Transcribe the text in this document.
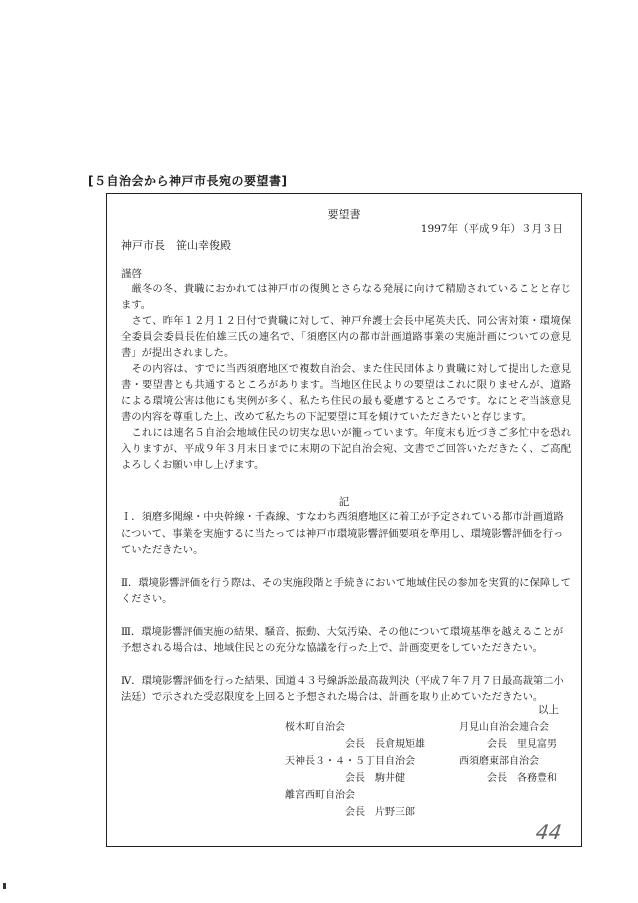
[５自治会から神戸市長宛の要望書]
要望書
1997年（平成９年）３月３日
神戸市長　笹山幸俊殿
謹啓
　厳冬の冬、貴職におかれては神戸市の復興とさらなる発展に向けて精励されていることと存じます。
　さて、昨年１２月１２日付で貴職に対して、神戸弁護士会長中尾英夫氏、同公害対策・環境保全委員会委員長佐伯雄三氏の連名で、「須磨区内の都市計画道路事業の実施計画についての意見書」が提出されました。
　その内容は、すでに当西須磨地区で複数自治会、また住民団体より貴職に対して提出した意見書・要望書とも共通するところがあります。当地区住民よりの要望はこれに限りませんが、道路による環境公害は他にも実例が多く、私たち住民の最も憂慮するところです。なにとぞ当該意見書の内容を尊重した上、改めて私たちの下記要望に耳を傾けていただきたいと存じます。
　これには連名５自治会地域住民の切実な思いが籠っています。年度末も近づきご多忙中を恐れ入りますが、平成９年３月末日までに末期の下記自治会宛、文書でご回答いただきたく、ご高配よろしくお願い申し上げます。
記
Ｉ．須磨多聞線・中央幹線・千森線、すなわち西須磨地区に着工が予定されている都市計画道路について、事業を実施するに当たっては神戸市環境影響評価要項を準用し、環境影響評価を行っていただきたい。
Ⅱ．環境影響評価を行う際は、その実施段階と手続きにおいて地域住民の参加を実質的に保障してください。
Ⅲ．環境影響評価実施の結果、騒音、振動、大気汚染、その他について環境基準を越えることが予想される場合は、地域住民との充分な協議を行った上で、計画変更をしていただきたい。
Ⅳ．環境影響評価を行った結果、国道４３号線訴訟最高裁判決（平成７年７月７日最高裁第二小法廷）で示された受忍限度を上回ると予想された場合は、計画を取り止めていただきたい。
以上
桜木町自治会
会長　長倉規矩雄
天神長３・４・５丁目自治会
会長　駒井健
離宮西町自治会
会長　片野三郎
月見山自治会連合会
会長　里見富男
西須磨東部自治会
会長　各務豊和
44
